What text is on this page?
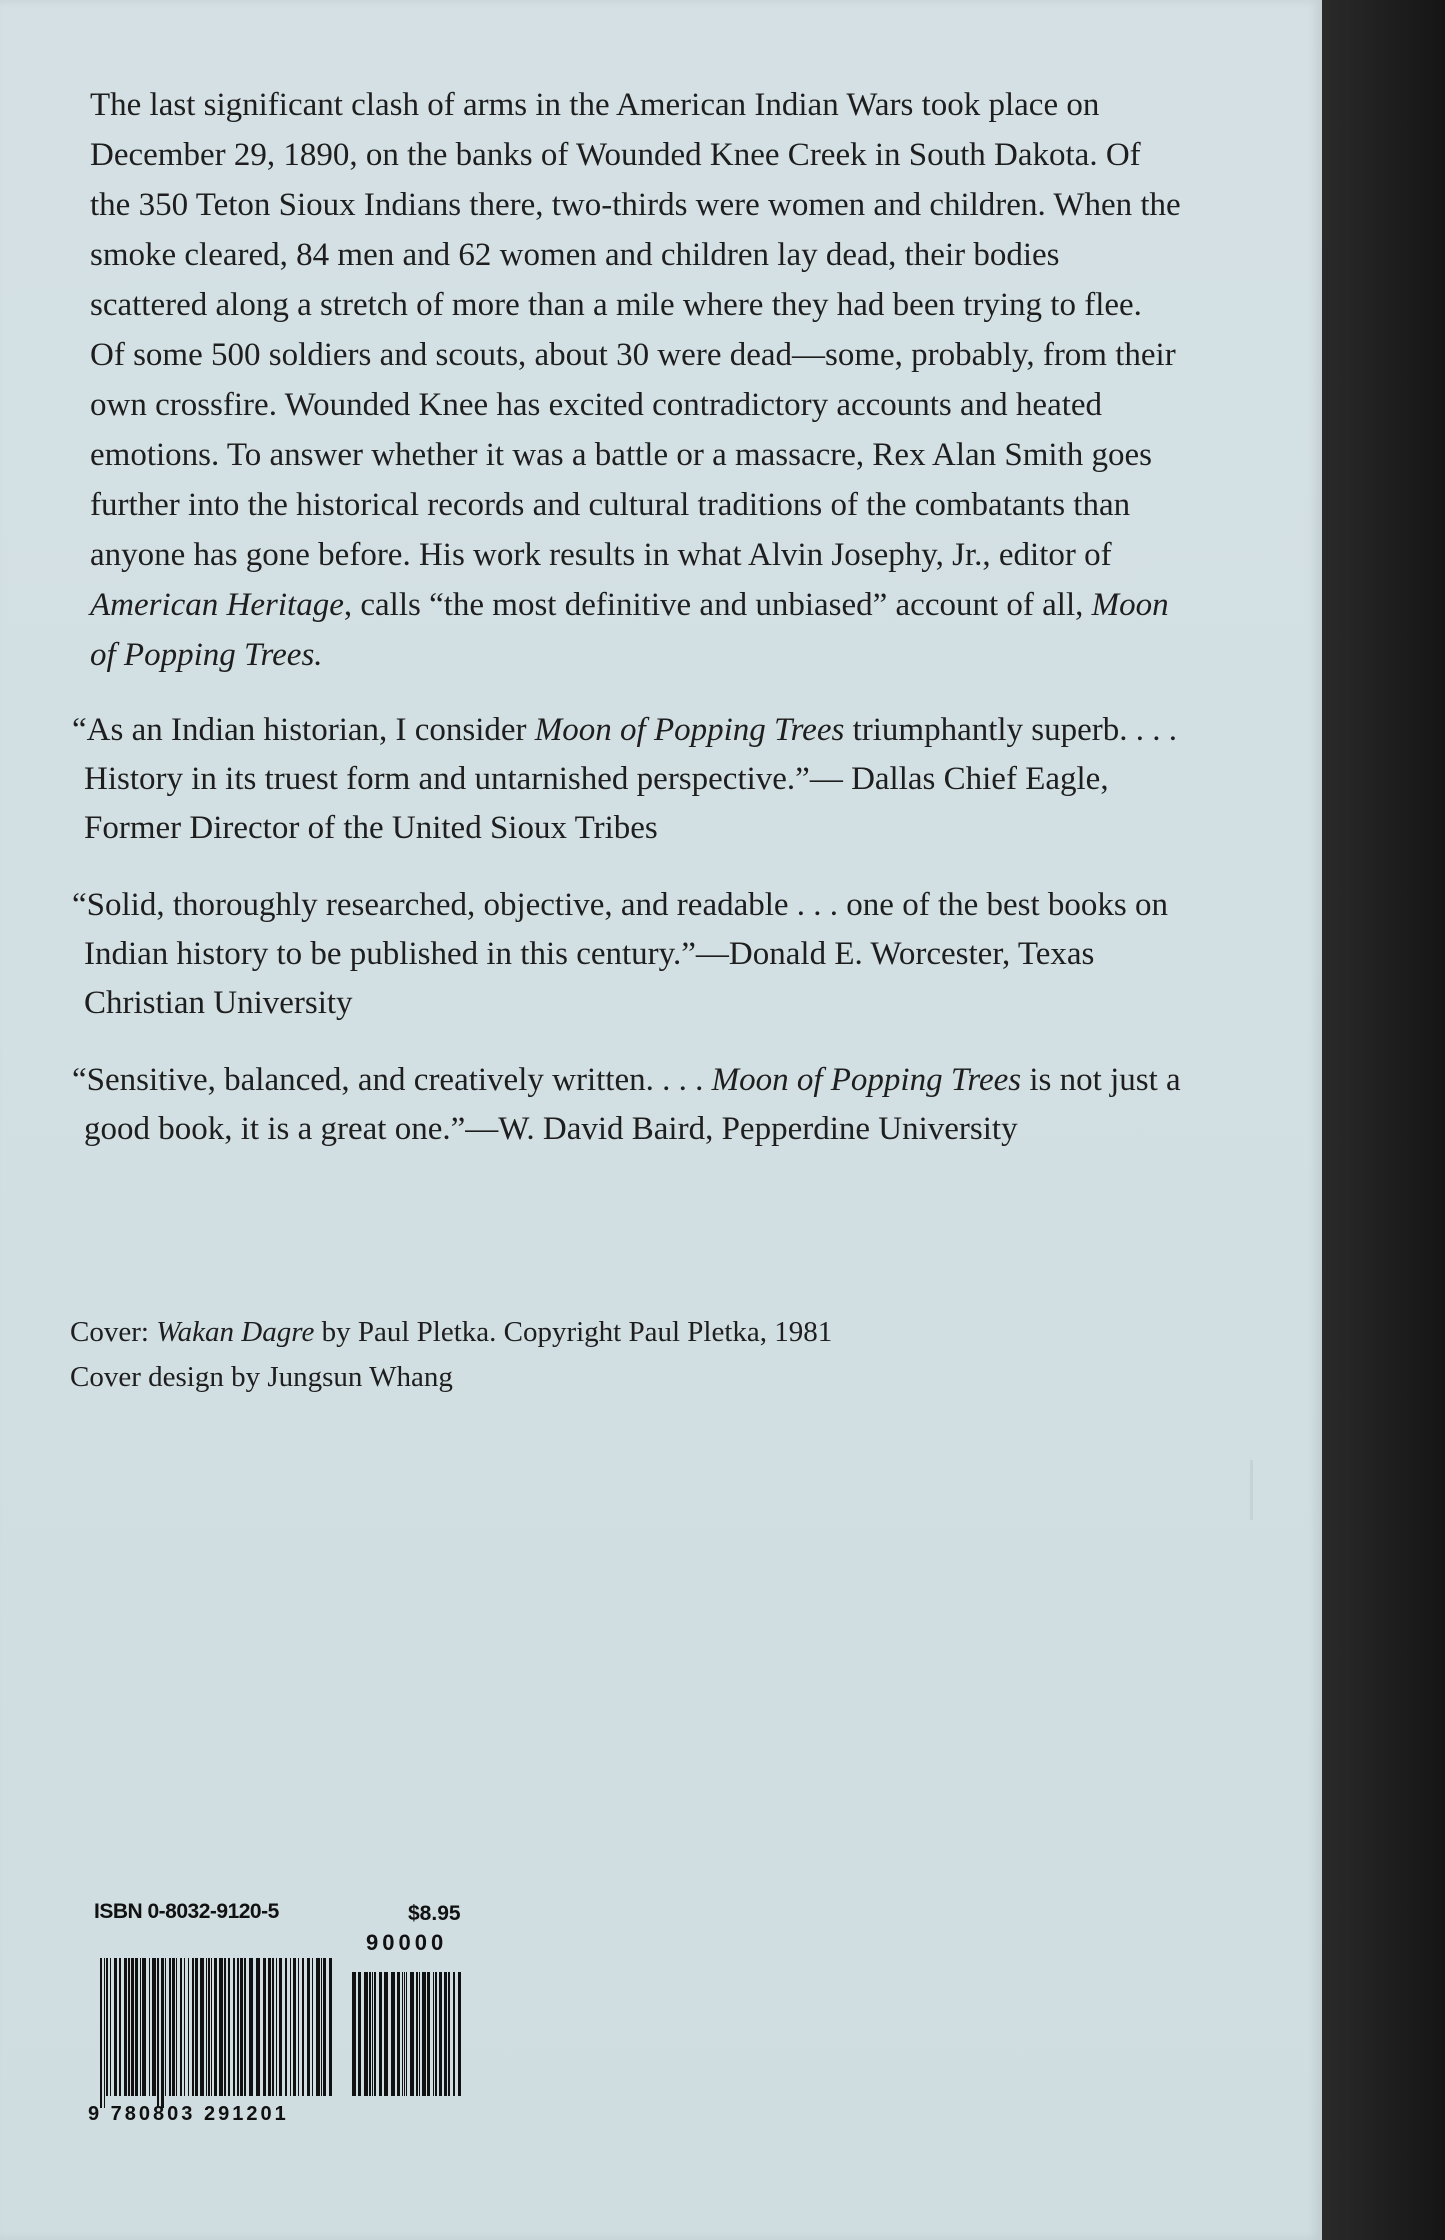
The last significant clash of arms in the American Indian Wars took place on December 29, 1890, on the banks of Wounded Knee Creek in South Dakota. Of the 350 Teton Sioux Indians there, two-thirds were women and children. When the smoke cleared, 84 men and 62 women and children lay dead, their bodies scattered along a stretch of more than a mile where they had been trying to flee. Of some 500 soldiers and scouts, about 30 were dead—some, probably, from their own crossfire. Wounded Knee has excited contradictory accounts and heated emotions. To answer whether it was a battle or a massacre, Rex Alan Smith goes further into the historical records and cultural traditions of the combatants than anyone has gone before. His work results in what Alvin Josephy, Jr., editor of American Heritage, calls “the most definitive and unbiased” account of all, Moon of Popping Trees.

“As an Indian historian, I consider Moon of Popping Trees triumphantly superb. . . . History in its truest form and untarnished perspective.”— Dallas Chief Eagle, Former Director of the United Sioux Tribes

“Solid, thoroughly researched, objective, and readable . . . one of the best books on Indian history to be published in this century.”—Donald E. Worcester, Texas Christian University

“Sensitive, balanced, and creatively written. . . . Moon of Popping Trees is not just a good book, it is a great one.”—W. David Baird, Pepperdine University

Cover: Wakan Dagre by Paul Pletka. Copyright Paul Pletka, 1981
Cover design by Jungsun Whang
ISBN 0-8032-9120-5	$8.95
90000
9 780803 291201
